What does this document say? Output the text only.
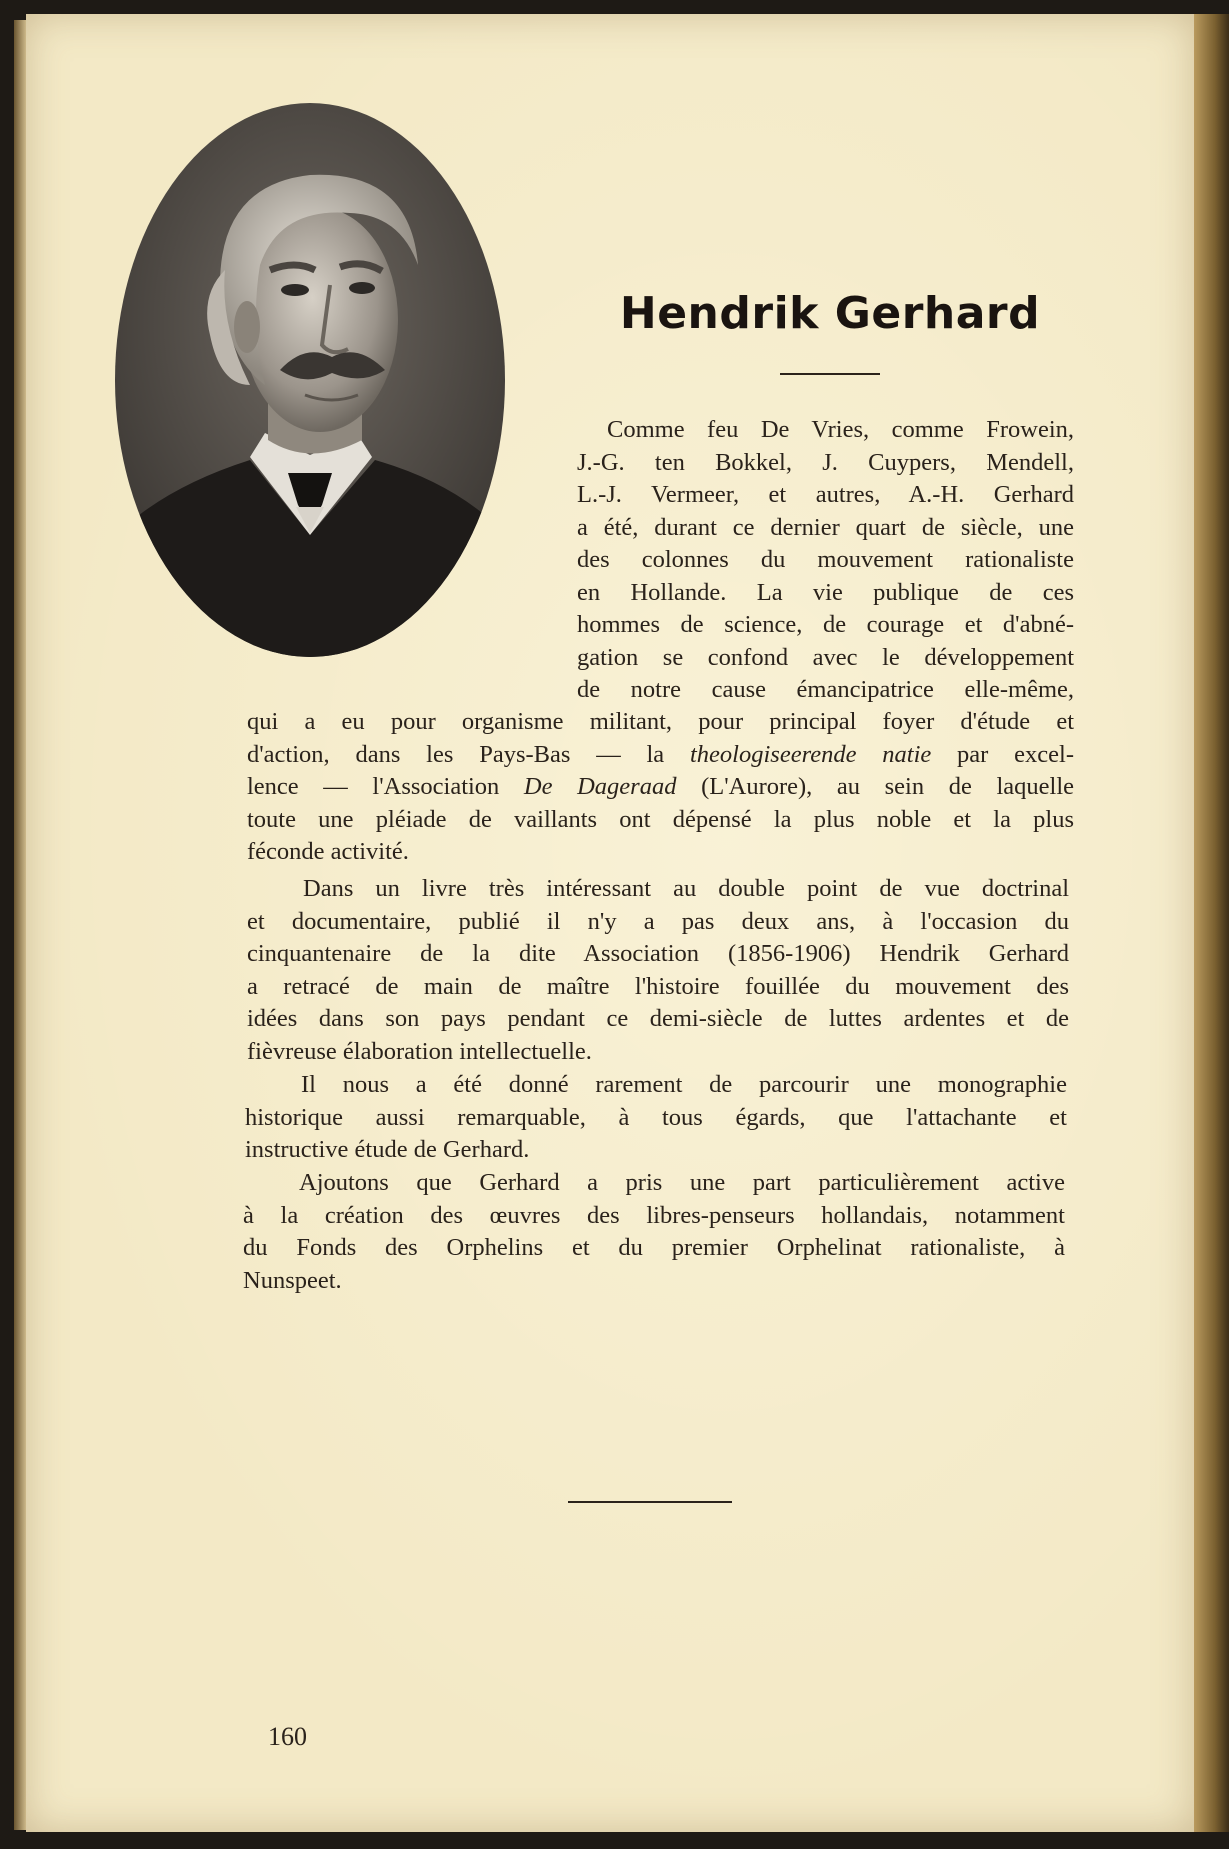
Hendrik Gerhard
Comme feu De Vries, comme Frowein,
J.-G. ten Bokkel, J. Cuypers, Mendell,
L.-J. Vermeer, et autres, A.-H. Gerhard
a été, durant ce dernier quart de siècle, une
des colonnes du mouvement rationaliste
en Hollande. La vie publique de ces
hommes de science, de courage et d'abné-
gation se confond avec le développement
de notre cause émancipatrice elle-même,
qui a eu pour organisme militant, pour principal foyer d'étude et
d'action, dans les Pays-Bas — la theologiseerende natie par excel-
lence — l'Association De Dageraad (L'Aurore), au sein de laquelle
toute une pléiade de vaillants ont dépensé la plus noble et la plus
féconde activité.
Dans un livre très intéressant au double point de vue doctrinal
et documentaire, publié il n'y a pas deux ans, à l'occasion du
cinquantenaire de la dite Association (1856-1906) Hendrik Gerhard
a retracé de main de maître l'histoire fouillée du mouvement des
idées dans son pays pendant ce demi-siècle de luttes ardentes et de
fièvreuse élaboration intellectuelle.
Il nous a été donné rarement de parcourir une monographie
historique aussi remarquable, à tous égards, que l'attachante et
instructive étude de Gerhard.
Ajoutons que Gerhard a pris une part particulièrement active
à la création des œuvres des libres-penseurs hollandais, notamment
du Fonds des Orphelins et du premier Orphelinat rationaliste, à
Nunspeet.
160
